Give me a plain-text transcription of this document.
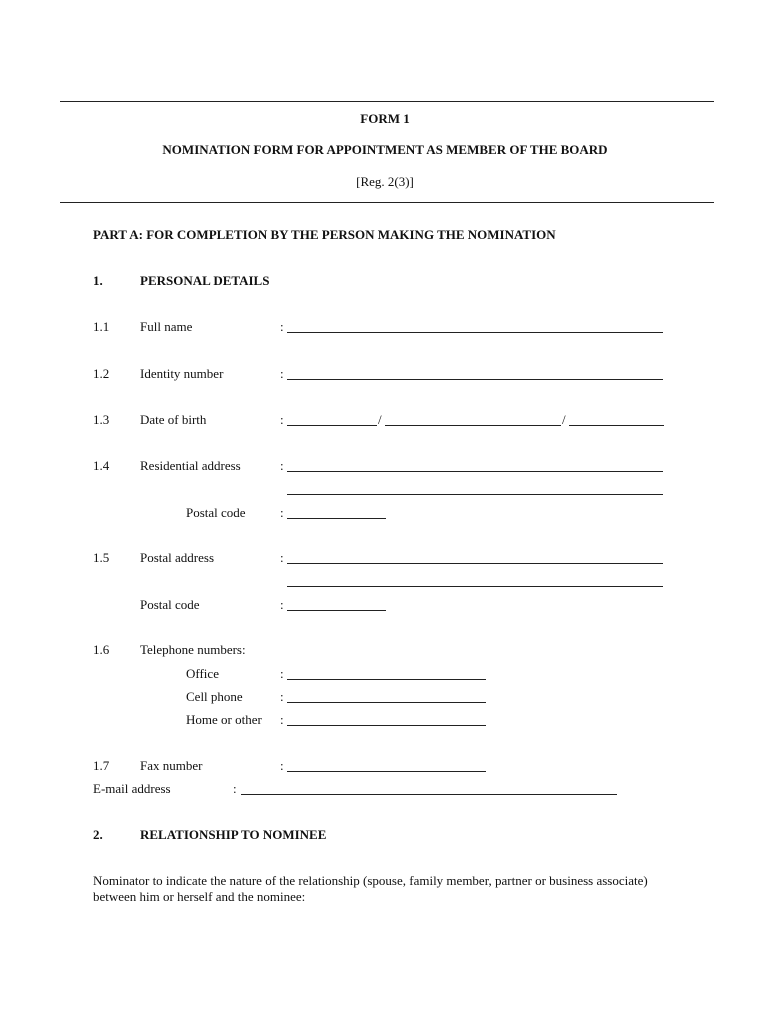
FORM 1
NOMINATION FORM FOR APPOINTMENT AS MEMBER OF THE BOARD
[Reg. 2(3)]
PART A: FOR COMPLETION BY THE PERSON MAKING THE NOMINATION
1.	PERSONAL DETAILS
1.1 Full name	:
1.2 Identity number	:
1.3 Date of birth	:	/	/
1.4 Residential address	:
Postal code	:
1.5 Postal address	:
Postal code	:
1.6 Telephone numbers:
Office	:
Cell phone	:
Home or other :
1.7 Fax number	:
E-mail address	:
2.	RELATIONSHIP TO NOMINEE
Nominator to indicate the nature of the relationship (spouse, family member, partner or business associate) between him or herself and the nominee:
